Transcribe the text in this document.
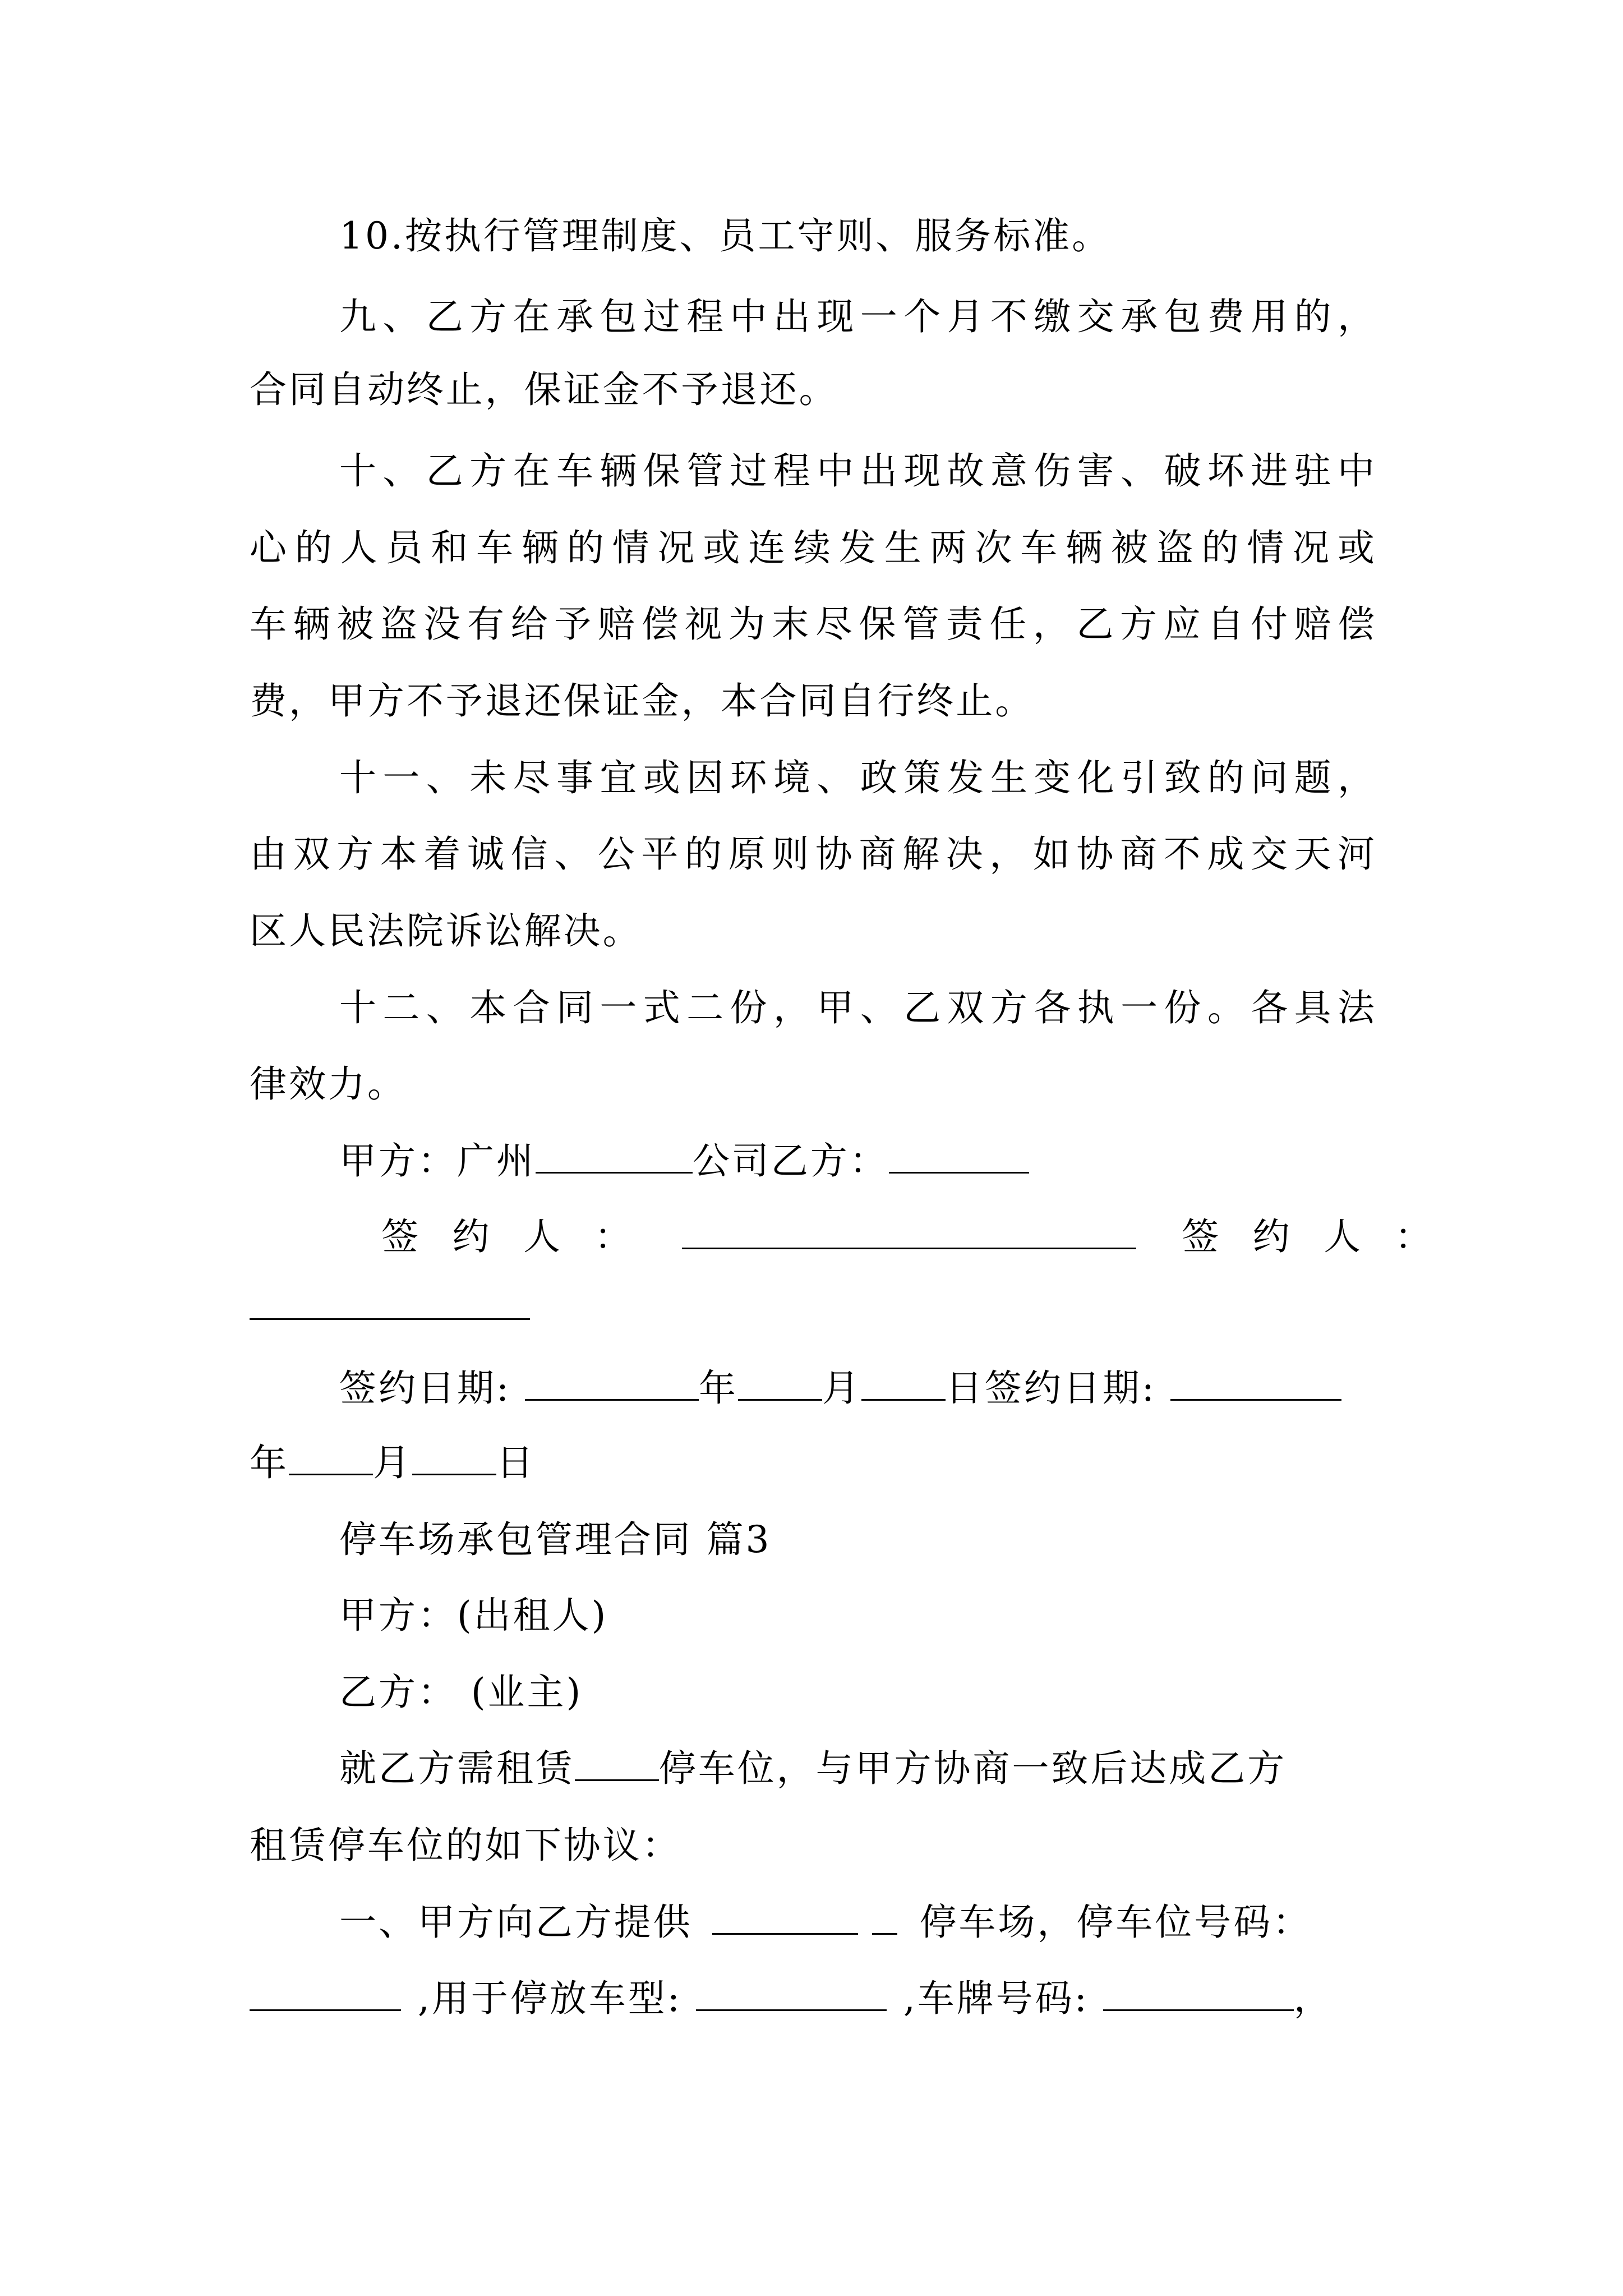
10.按执行管理制度、员工守则、服务标准。
九、乙方在承包过程中出现一个月不缴交承包费用的，
合同自动终止，保证金不予退还。
十、乙方在车辆保管过程中出现故意伤害、破坏进驻中
心的人员和车辆的情况或连续发生两次车辆被盗的情况或
车辆被盗没有给予赔偿视为末尽保管责任，乙方应自付赔偿
费，甲方不予退还保证金，本合同自行终止。
十一、未尽事宜或因环境、政策发生变化引致的问题，
由双方本着诚信、公平的原则协商解决，如协商不成交天河
区人民法院诉讼解决。
十二、本合同一式二份，甲、乙双方各执一份。各具法
律效力。
甲方：广州	公司乙方：
签 约 人 ：	签 约 人 ：
签约日期:	年 月 日签约日期:
年 月 日
停车场承包管理合同 篇3
甲方：(出租人)
乙方： (业主)
就乙方需租赁 停车位，与甲方协商一致后达成乙方
租赁停车位的如下协议：
一、甲方向乙方提供	停车场，停车位号码：
,用于停放车型:	,车牌号码:	，
